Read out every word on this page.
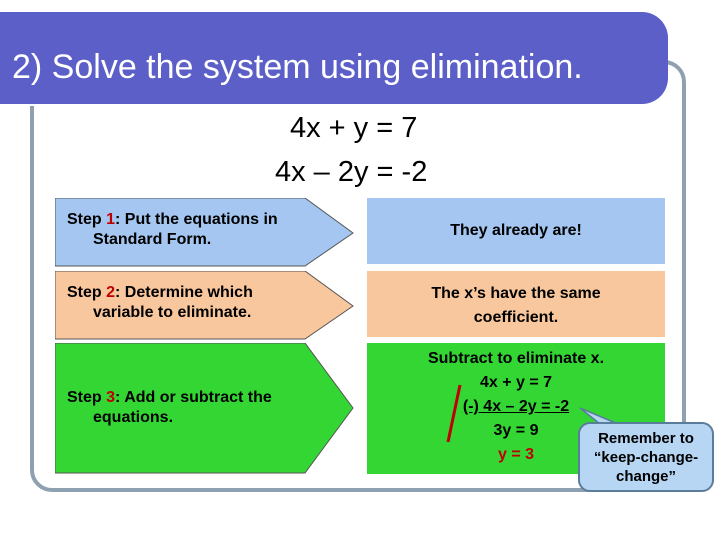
2) Solve the system using elimination.
4x + y = 7
4x – 2y = -2
Step 1: Put the equations in
Standard Form.
Step 2: Determine which
variable to eliminate.
Step 3: Add or subtract the
equations.
They already are!
The x’s have the same
coefficient.
Subtract to eliminate x.
4x + y = 7
(-) 4x – 2y = -2
3y = 9
y = 3
Remember to
“keep-change-
change”
